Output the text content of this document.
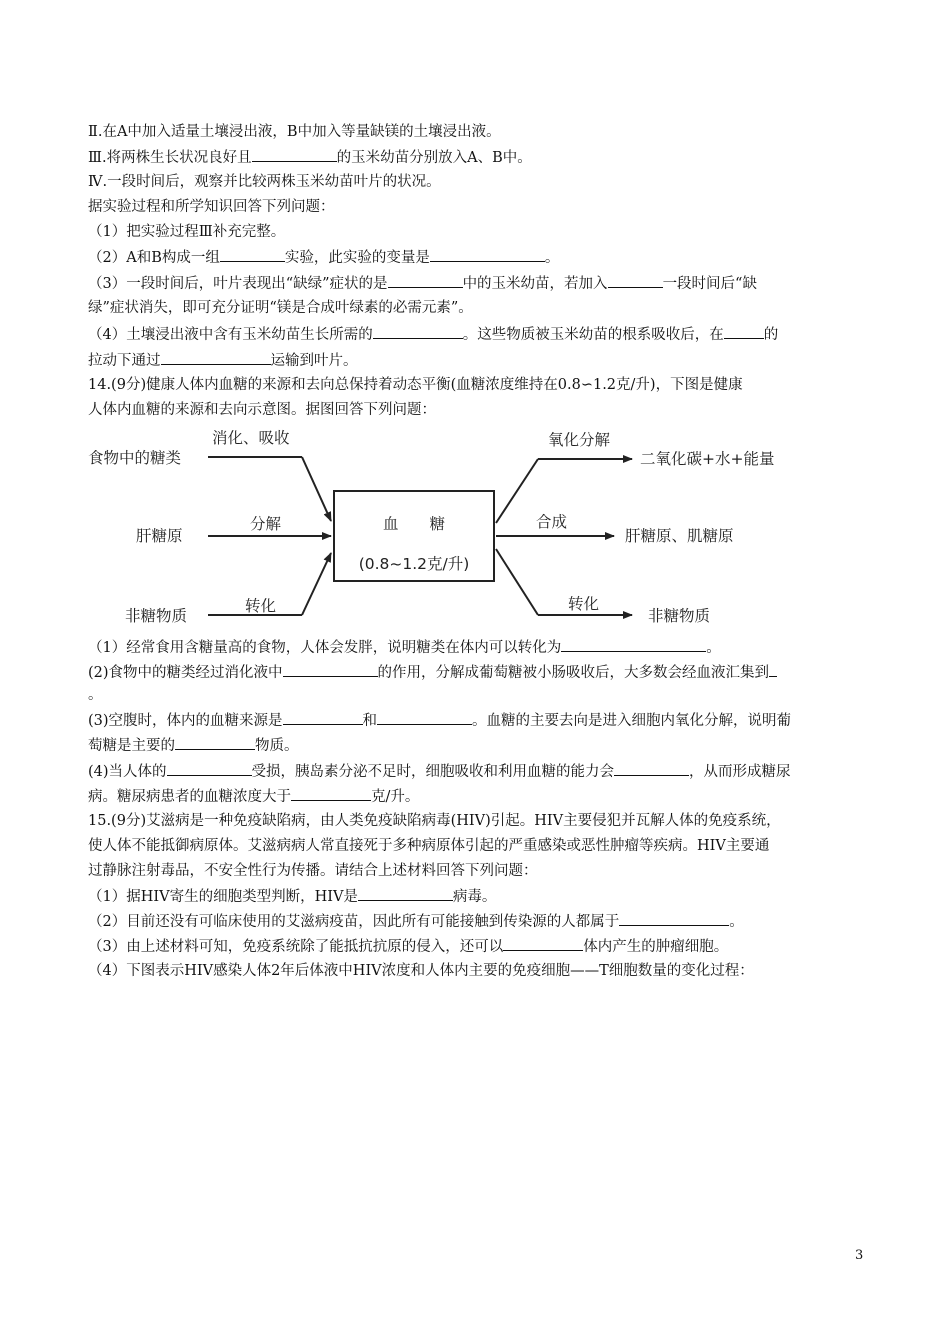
Ⅱ.在A中加入适量土壤浸出液，B中加入等量缺镁的土壤浸出液。
Ⅲ.将两株生长状况良好且	的玉米幼苗分别放入A、B中。
Ⅳ.一段时间后，观察并比较两株玉米幼苗叶片的状况。
据实验过程和所学知识回答下列问题：
（1）把实验过程Ⅲ补充完整。
（2）A和B构成一组	实验，此实验的变量是	。
（3）一段时间后，叶片表现出“缺绿”症状的是	中的玉米幼苗，若加入	一段时间后“缺
绿”症状消失，即可充分证明“镁是合成叶绿素的必需元素”。
（4）土壤浸出液中含有玉米幼苗生长所需的	。这些物质被玉米幼苗的根系吸收后，在	的
拉动下通过	运输到叶片。
14.(9分)健康人体内血糖的来源和去向总保持着动态平衡(血糖浓度维持在0.8∽1.2克/升)，下图是健康
人体内血糖的来源和去向示意图。据图回答下列问题：
食物中的糖类
消化、吸收
肝糖原
分解
非糖物质
转化
血　　糖
(0.8~1.2克/升)
氧化分解
二氧化碳+水+能量
合成
肝糖原、肌糖原
转化
非糖物质
（1）经常食用含糖量高的食物，人体会发胖，说明糖类在体内可以转化为	。
(2)食物中的糖类经过消化液中	的作用，分解成葡萄糖被小肠吸收后，大多数会经血液汇集到
。
(3)空腹时，体内的血糖来源是	和	。血糖的主要去向是进入细胞内氧化分解，说明葡
萄糖是主要的	物质。
(4)当人体的	受损，胰岛素分泌不足时，细胞吸收和利用血糖的能力会	，从而形成糖尿
病。糖尿病患者的血糖浓度大于	克/升。
15.(9分)艾滋病是一种免疫缺陷病，由人类免疫缺陷病毒(HIV)引起。HIV主要侵犯并瓦解人体的免疫系统，
使人体不能抵御病原体。艾滋病病人常直接死于多种病原体引起的严重感染或恶性肿瘤等疾病。HIV主要通
过静脉注射毒品，不安全性行为传播。请结合上述材料回答下列问题：
（1）据HIV寄生的细胞类型判断，HIV是	病毒。
（2）目前还没有可临床使用的艾滋病疫苗，因此所有可能接触到传染源的人都属于	。
（3）由上述材料可知，免疫系统除了能抵抗抗原的侵入，还可以	体内产生的肿瘤细胞。
（4）下图表示HIV感染人体2年后体液中HIV浓度和人体内主要的免疫细胞——T细胞数量的变化过程：
3
